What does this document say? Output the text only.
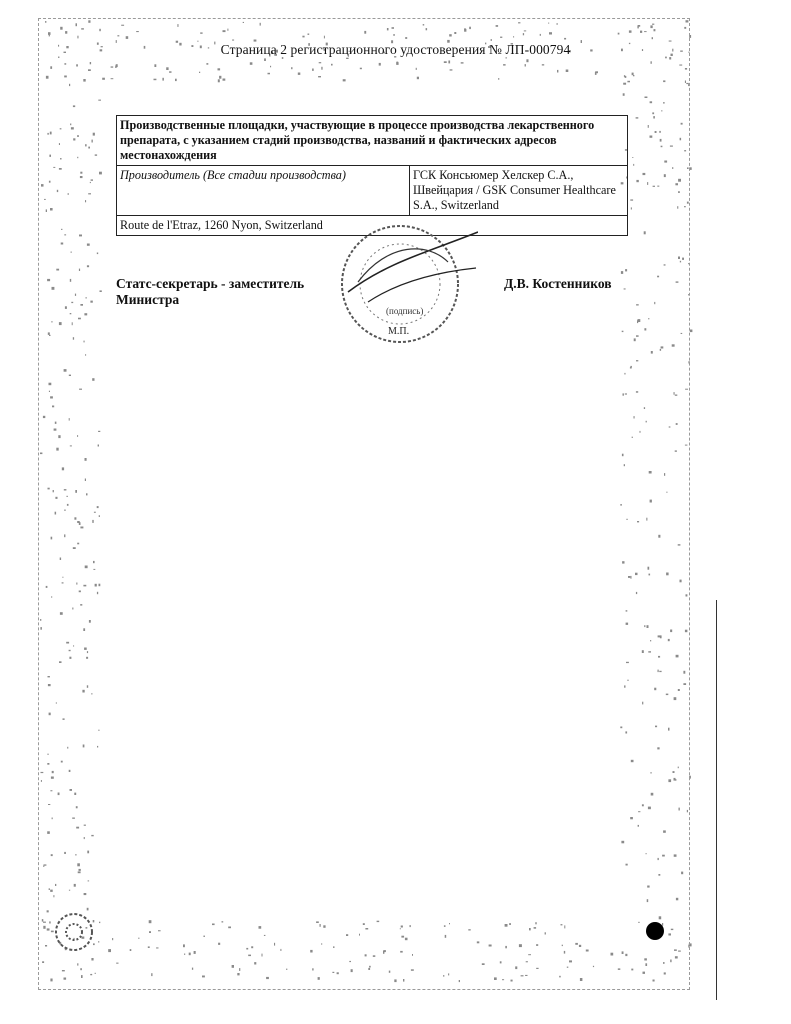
Страница 2 регистрационного удостоверения № ЛП-000794
Производственные площадки, участвующие в процессе производства лекарственного препарата, с указанием стадий производства, названий и фактических адресов местонахождения
Производитель (Все стадии производства)	ГСК Консьюмер Хелскер С.А., Швейцария / GSK Consumer Healthcare S.A., Switzerland
Route de l'Etraz, 1260 Nyon, Switzerland
(подпись)
М.П.
Статс-секретарь - заместитель Министра
Д.В. Костенников
